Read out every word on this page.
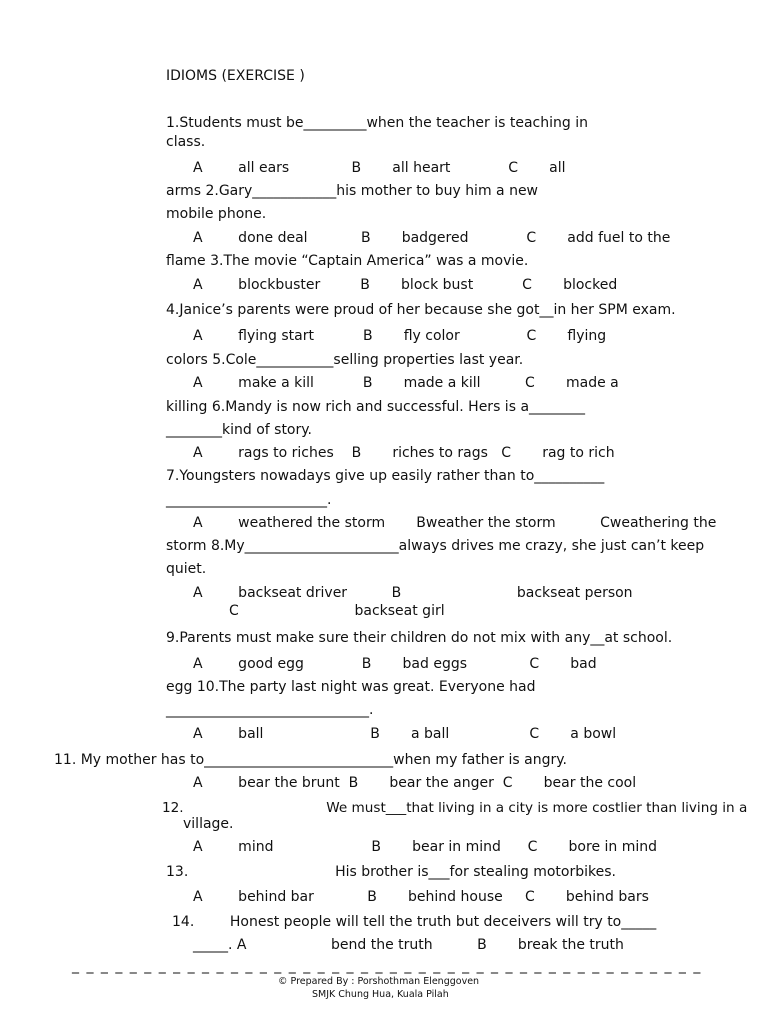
IDIOMS (EXERCISE )
1.Students must be_________when the teacher is teaching in
class.
A        all ears              B       all heart             C       all
arms 2.Gary____________his mother to buy him a new
mobile phone.
A        done deal            B       badgered             C       add fuel to the
flame 3.The movie “Captain America” was a movie.
A        blockbuster         B       block bust           C       blocked
4.Janice’s parents were proud of her because she got__in her SPM exam.
A        flying start           B       fly color               C       flying
colors 5.Cole___________selling properties last year.
A        make a kill           B       made a kill          C       made a
killing 6.Mandy is now rich and successful. Hers is a________
________kind of story.
A        rags to riches    B       riches to rags   C       rag to rich
7.Youngsters nowadays give up easily rather than to__________
_______________________.
A        weathered the storm       Bweather the storm          Cweathering the
storm 8.My______________________always drives me crazy, she just can’t keep
quiet.
A        backseat driver          B                          backseat person
C                          backseat girl
9.Parents must make sure their children do not mix with any__at school.
A        good egg             B       bad eggs              C       bad
egg 10.The party last night was great. Everyone had
_____________________________.
A        ball                        B       a ball                  C       a bowl
11. My mother has to___________________________when my father is angry.
A        bear the brunt  B       bear the anger  C       bear the cool
12.                                 We must___that living in a city is more costlier than living in a
village.
A        mind                      B       bear in mind      C       bore in mind
13.                                 His brother is___for stealing motorbikes.
A        behind bar            B       behind house     C       behind bars
14.        Honest people will tell the truth but deceivers will try to_____
_____. A                   bend the truth          B       break the truth
_ _ _ _ _ _ _ _ _ _ _ _ _ _ _ _ _ _ _ _ _ _ _ _ _ _ _ _ _ _ _ _ _ _ _ _ _ _ _ _ _ _ _ _
© Prepared By : Porshothman Elenggoven
SMJK Chung Hua, Kuala Pilah
